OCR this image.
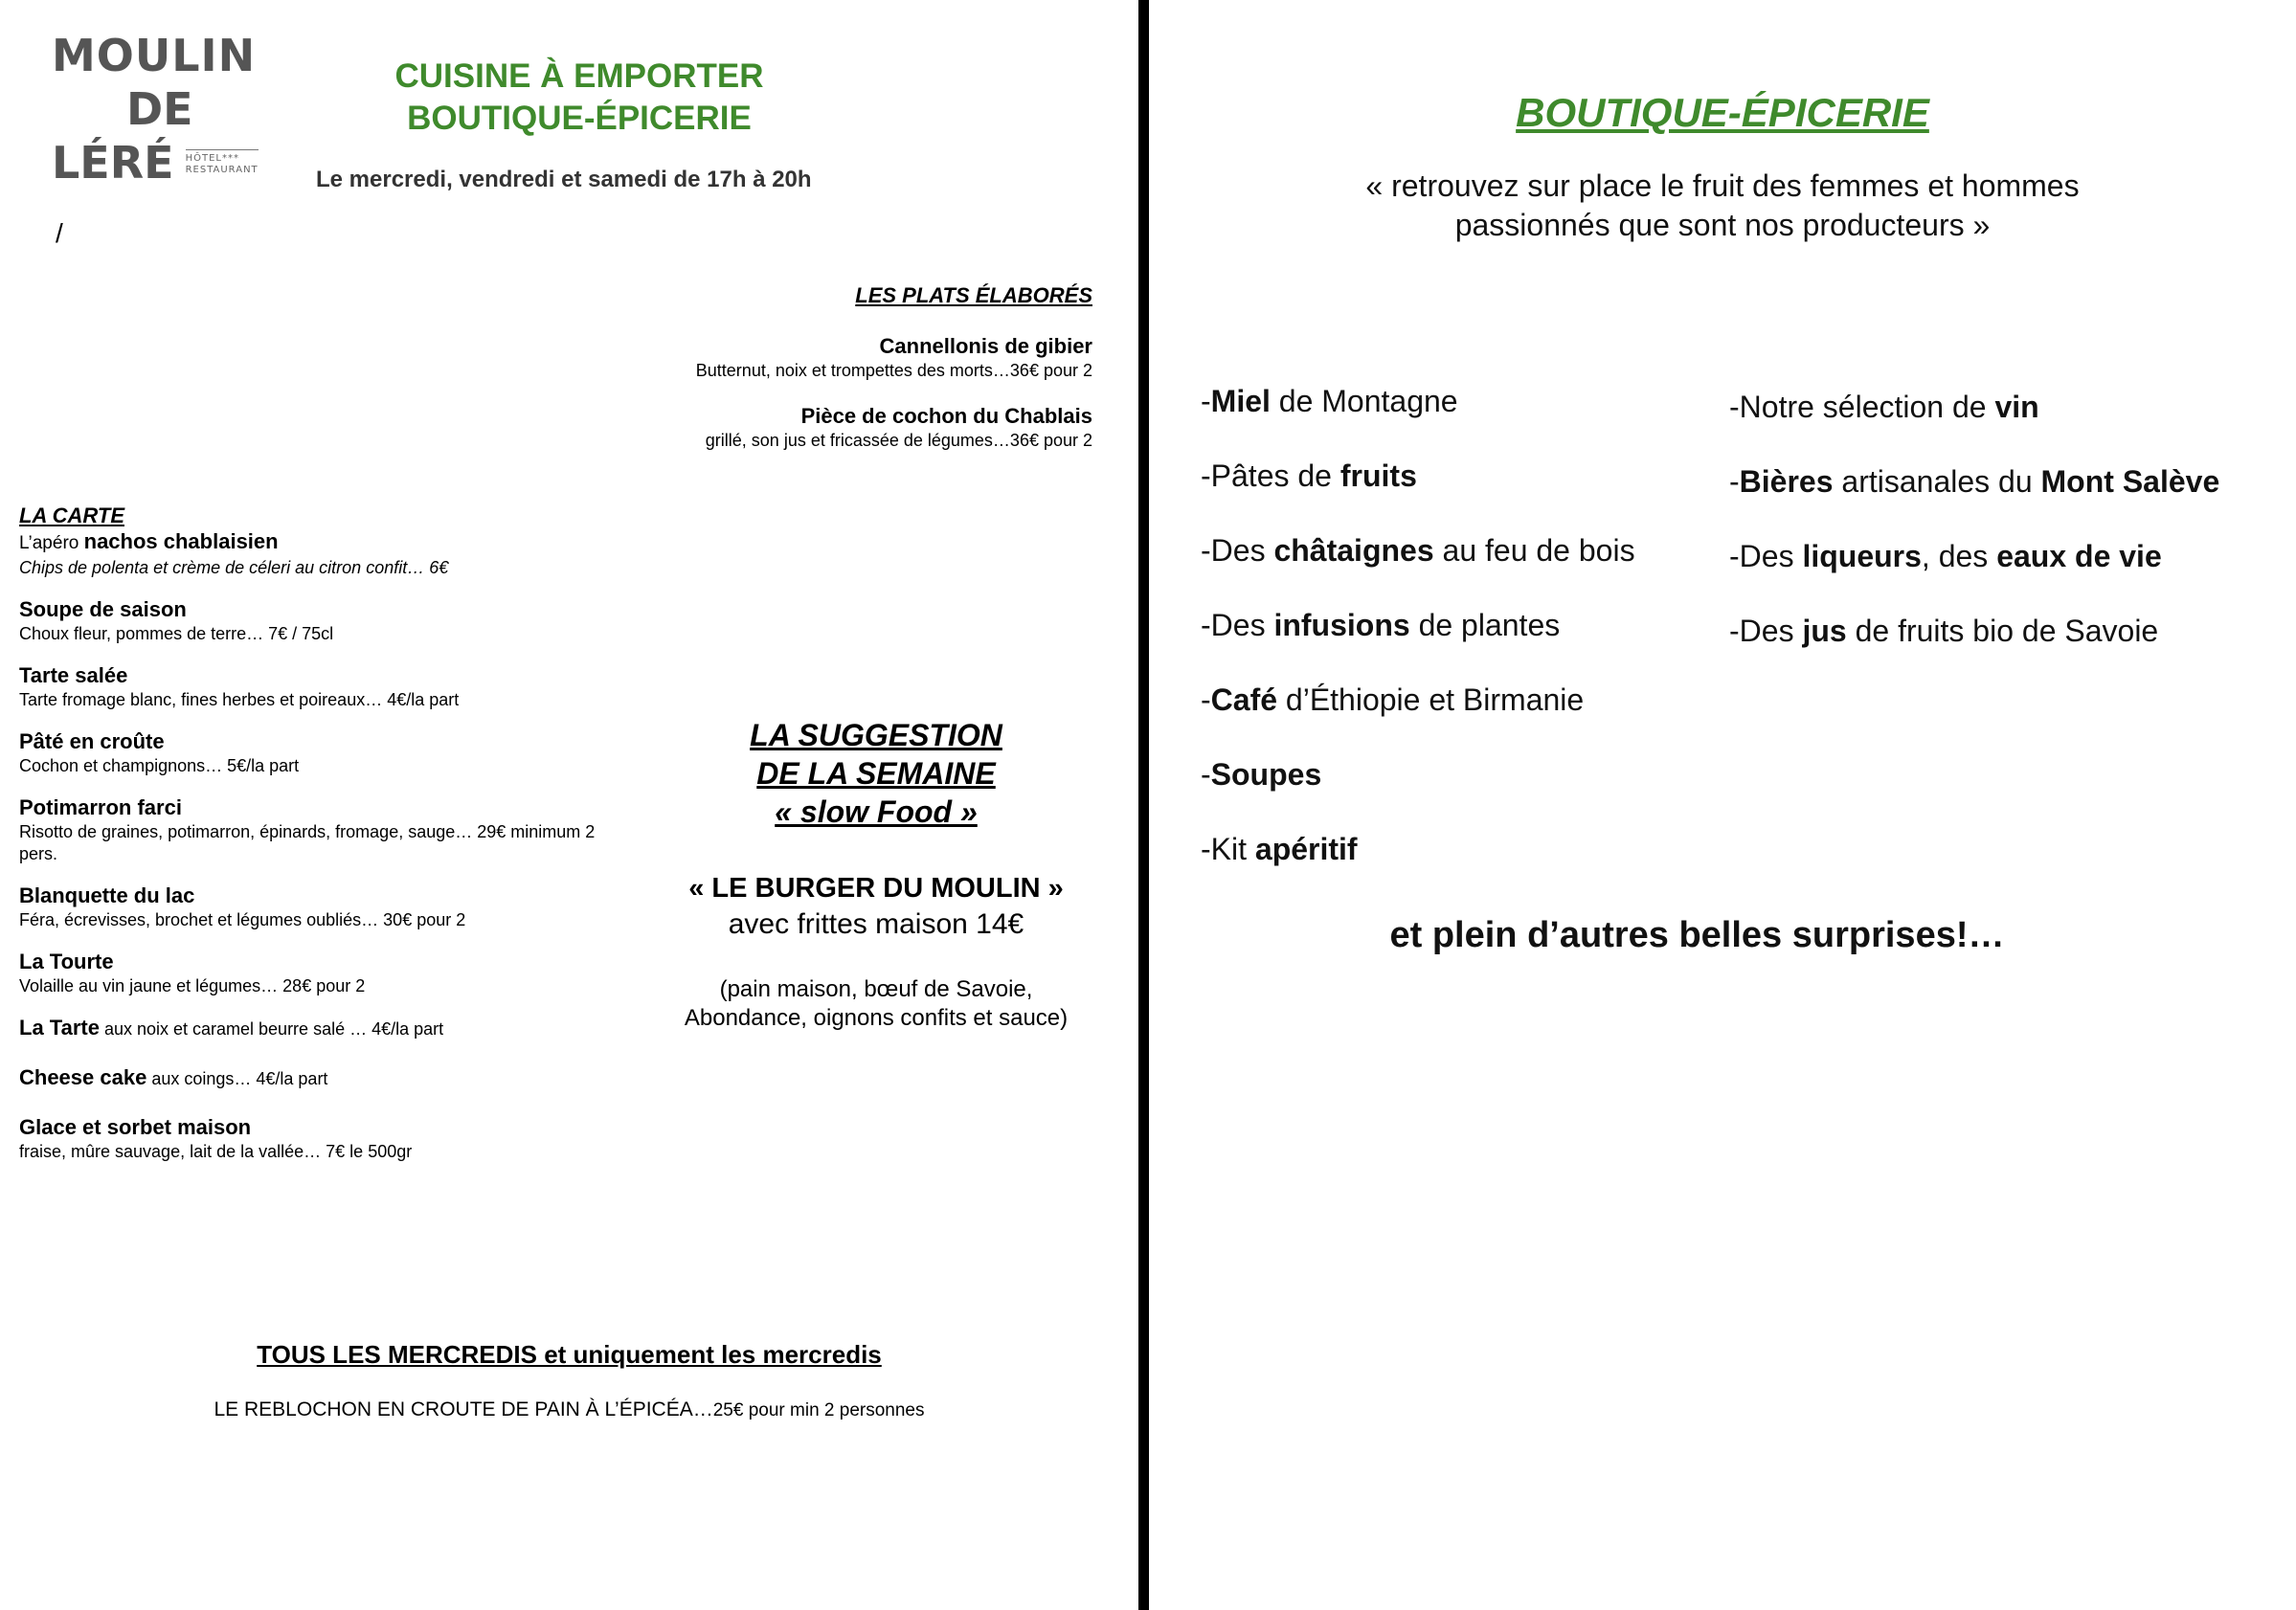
MOULIN
DE
LÉRÉ HÔTEL***
RESTAURANT
CUISINE À EMPORTER
BOUTIQUE-ÉPICERIE
Le mercredi, vendredi et samedi de 17h à 20h
/
LES PLATS ÉLABORÉS
Cannellonis de gibier
Butternut, noix et trompettes des morts…36€ pour 2
Pièce de cochon du Chablais
grillé, son jus et fricassée de légumes…36€ pour 2
LA CARTE
L’apéro nachos chablaisien
Chips de polenta et crème de céleri au citron confit… 6€
Soupe de saison
Choux fleur, pommes de terre… 7€ / 75cl
Tarte salée
Tarte fromage blanc, fines herbes et poireaux… 4€/la part
Pâté en croûte
Cochon et champignons… 5€/la part
Potimarron farci
Risotto de graines, potimarron, épinards, fromage, sauge… 29€ minimum 2 pers.
Blanquette du lac
Féra, écrevisses, brochet et légumes oubliés… 30€ pour 2
La Tourte
Volaille au vin jaune et légumes… 28€ pour 2
La Tarte aux noix et caramel beurre salé … 4€/la part
Cheese cake aux coings… 4€/la part
Glace et sorbet maison
fraise, mûre sauvage, lait de la vallée… 7€ le 500gr
LA SUGGESTION
DE LA SEMAINE
« slow Food »
« LE BURGER DU MOULIN »
avec frittes maison 14€
(pain maison, bœuf de Savoie,
Abondance, oignons confits et sauce)
TOUS LES MERCREDIS et uniquement les mercredis
LE REBLOCHON EN CROUTE DE PAIN À L’ÉPICÉA…25€ pour min 2 personnes
BOUTIQUE-ÉPICERIE
« retrouvez sur place le fruit des femmes et hommes
passionnés que sont nos producteurs »
-Miel de Montagne
-Pâtes de fruits
-Des châtaignes au feu de bois
-Des infusions de plantes
-Café d’Éthiopie et Birmanie
-Soupes
-Kit apéritif
-Notre sélection de vin
-Bières artisanales du Mont Salève
-Des liqueurs, des eaux de vie
-Des jus de fruits bio de Savoie
et plein d’autres belles surprises!…
